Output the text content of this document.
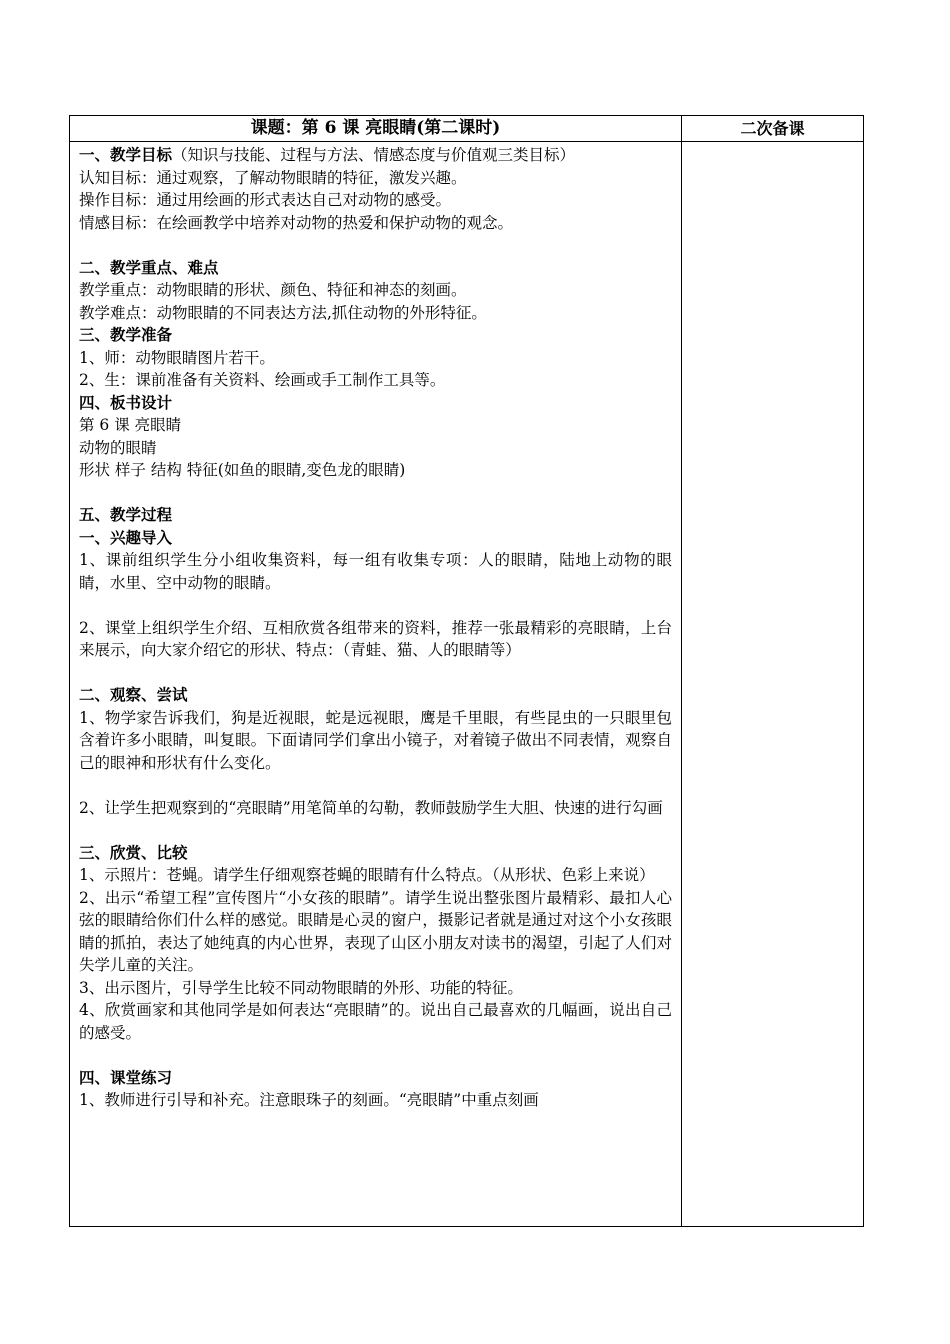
课题：第 6 课 亮眼睛(第二课时)	二次备课

一、教学目标（知识与技能、过程与方法、情感态度与价值观三类目标）

认知目标：通过观察，了解动物眼睛的特征，激发兴趣。

操作目标：通过用绘画的形式表达自己对动物的感受。

情感目标：在绘画教学中培养对动物的热爱和保护动物的观念。

二、教学重点、难点

教学重点：动物眼睛的形状、颜色、特征和神态的刻画。

教学难点：动物眼睛的不同表达方法,抓住动物的外形特征。

三、教学准备

1、师：动物眼睛图片若干。

2、生：课前准备有关资料、绘画或手工制作工具等。

四、板书设计

第 6 课 亮眼睛

动物的眼睛

形状 样子 结构 特征(如鱼的眼睛,变色龙的眼睛)

五、教学过程

一、兴趣导入

1、课前组织学生分小组收集资料，每一组有收集专项：人的眼睛，陆地上动物的眼睛，水里、空中动物的眼睛。

2、课堂上组织学生介绍、互相欣赏各组带来的资料，推荐一张最精彩的亮眼睛，上台来展示，向大家介绍它的形状、特点：（青蛙、猫、人的眼睛等）

二、观察、尝试

1、物学家告诉我们，狗是近视眼，蛇是远视眼，鹰是千里眼，有些昆虫的一只眼里包含着许多小眼睛，叫复眼。下面请同学们拿出小镜子，对着镜子做出不同表情，观察自己的眼神和形状有什么变化。

2、让学生把观察到的“亮眼睛”用笔简单的勾勒，教师鼓励学生大胆、快速的进行勾画

三、欣赏、比较

1、示照片：苍蝇。请学生仔细观察苍蝇的眼睛有什么特点。（从形状、色彩上来说）

2、出示“希望工程”宣传图片“小女孩的眼睛”。请学生说出整张图片最精彩、最扣人心弦的眼睛给你们什么样的感觉。眼睛是心灵的窗户，摄影记者就是通过对这个小女孩眼睛的抓拍，表达了她纯真的内心世界，表现了山区小朋友对读书的渴望，引起了人们对失学儿童的关注。

3、出示图片，引导学生比较不同动物眼睛的外形、功能的特征。

4、欣赏画家和其他同学是如何表达“亮眼睛”的。说出自己最喜欢的几幅画，说出自己的感受。

四、课堂练习

1、教师进行引导和补充。注意眼珠子的刻画。“亮眼睛”中重点刻画
